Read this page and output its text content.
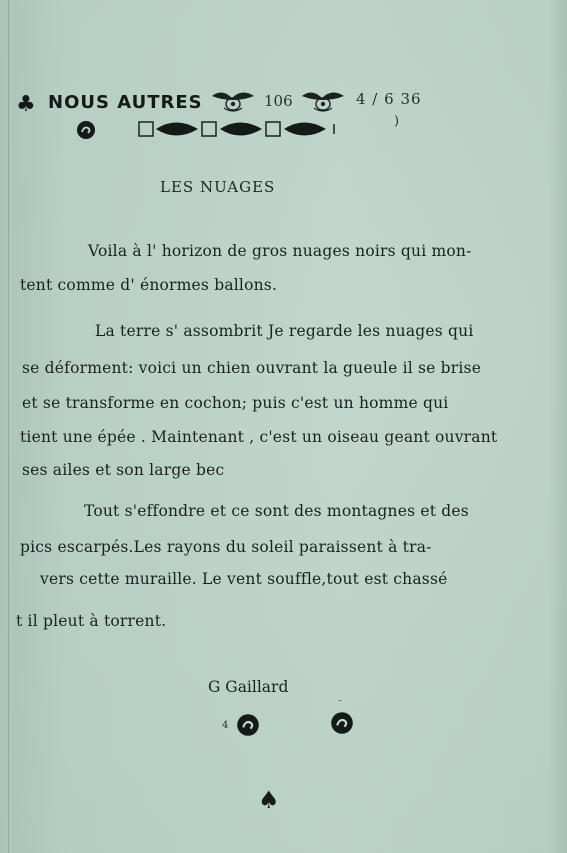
♣ NOUS AUTRES	106	4 / 6 36
)
LES NUAGES
Voila à l' horizon de gros nuages noirs qui mon-
tent comme d' énormes ballons.
La terre s' assombrit Je regarde les nuages qui
se déforment: voici un chien ouvrant la gueule il se brise
et se transforme en cochon; puis c'est un homme qui
tient une épée . Maintenant , c'est un oiseau geant ouvrant
ses ailes et son large bec
Tout s'effondre et ce sont des montagnes et des
pics escarpés.Les rayons du soleil paraissent à tra-
vers cette muraille. Le vent souffle,tout est chassé
t il pleut à torrent.
G Gaillard
4
˜
♠
